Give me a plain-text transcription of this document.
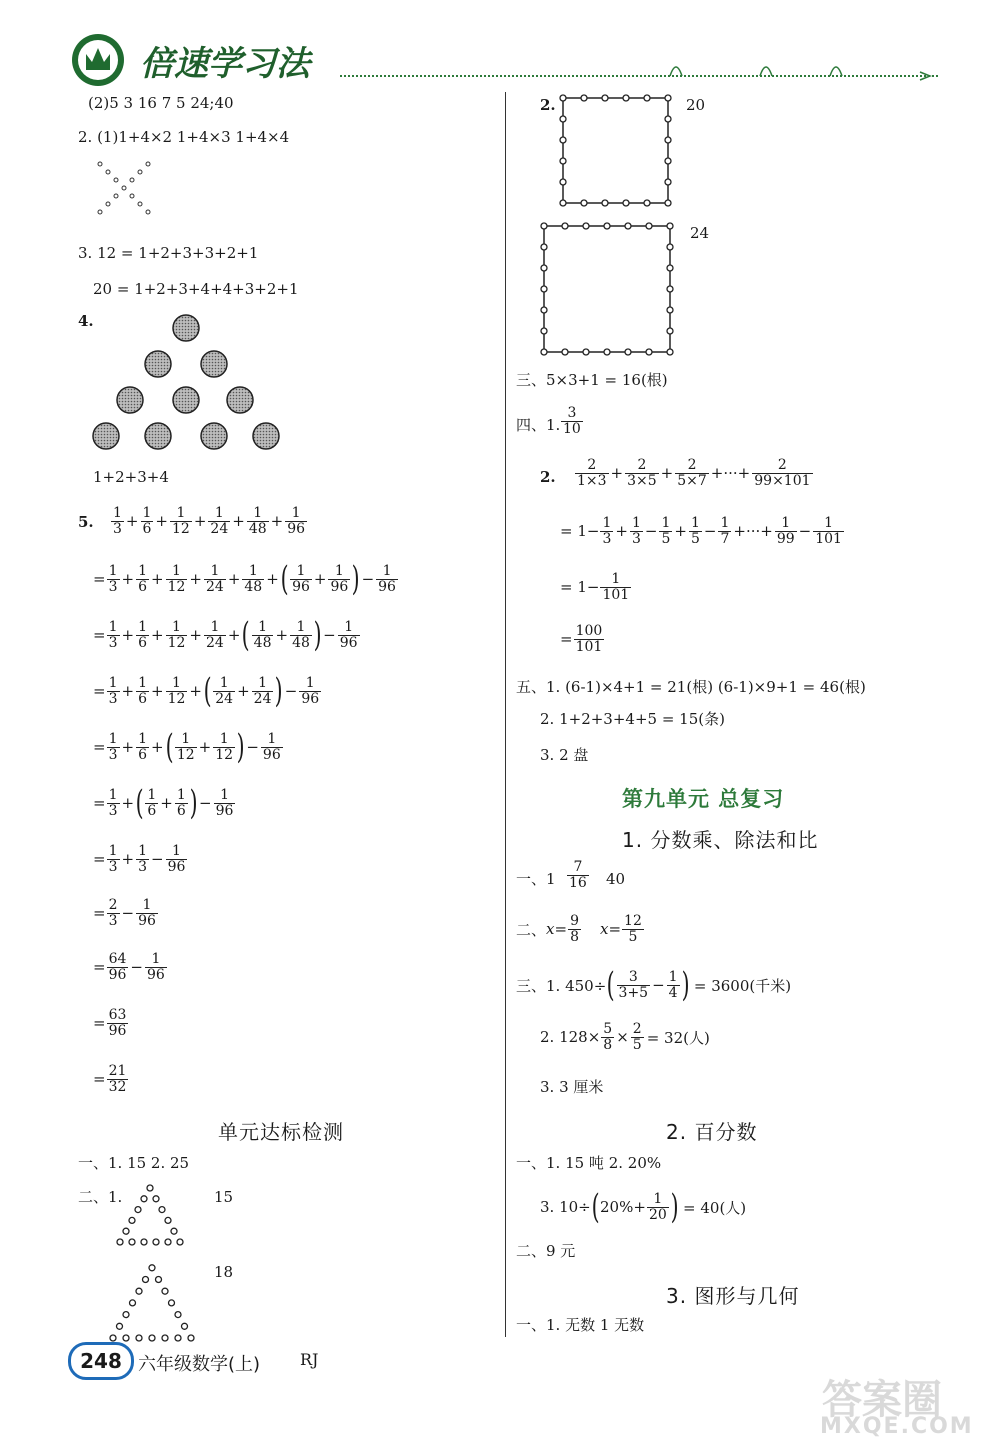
倍速学习法
(2)5 3 16 7 5 24;40
2. (1)1+4×2 1+4×3 1+4×4
3. 12 = 1+2+3+3+2+1
20 = 1+2+3+4+4+3+2+1
4.
1+2+3+4
5. $\frac{1}{3} + \frac{1}{6} + \frac{1}{12} + \frac{1}{24} + \frac{1}{48} + \frac{1}{96}$
= $\frac{1}{3} + \frac{1}{6} + \frac{1}{12} + \frac{1}{24} + \frac{1}{48}$ + ( $\frac{1}{96} + \frac{1}{96}$ ) − $\frac{1}{96}$
= $\frac{1}{3} + \frac{1}{6} + \frac{1}{12} + \frac{1}{24}$ + ( $\frac{1}{48} + \frac{1}{48}$ ) − $\frac{1}{96}$
= $\frac{1}{3} + \frac{1}{6} + \frac{1}{12}$ + ( $\frac{1}{24} + \frac{1}{24}$ ) − $\frac{1}{96}$
= $\frac{1}{3} + \frac{1}{6}$ + ( $\frac{1}{12} + \frac{1}{12}$ ) − $\frac{1}{96}$
= $\frac{1}{3}$ + ( $\frac{1}{6} + \frac{1}{6}$ ) − $\frac{1}{96}$
= $\frac{1}{3} + \frac{1}{3} - \frac{1}{96}$
= $\frac{2}{3} - \frac{1}{96}$
= $\frac{64}{96} - \frac{1}{96}$
= $\frac{63}{96}$
= $\frac{21}{32}$
单元达标检测
一、1. 15 2. 25
二、1.	15
18
2.	20
24
三、5×3+1 = 16(根)
四、1. $\frac{3}{10}$
2. $\frac{2}{1\times 3} + \frac{2}{3\times 5} + \frac{2}{5\times 7}$ +···+ $\frac{2}{99\times 101}$
= $1- \frac{1}{3} + \frac{1}{3} - \frac{1}{5} + \frac{1}{5} - \frac{1}{7}$ +···+ $\frac{1}{99} - \frac{1}{101}$
= $1- \frac{1}{101}$
= $\frac{100}{101}$
五、1. (6-1)×4+1 = 21(根) (6-1)×9+1 = 46(根)
2. 1+2+3+4+5 = 15(条)
3. 2 盘
第九单元 总复习
1. 分数乘、除法和比
一、$1 \frac{7}{16} 40$
二、 $x = \frac{9}{8}$ $x = \frac{12}{5}$
三、1. 450÷ ( $\frac{3}{3+5} - \frac{1}{4}$ ) = 3600(千米)
2. $128\times \frac{5}{8} \times \frac{2}{5} = 32$(人)
3. 3 厘米
2. 百分数
一、1. 15 吨 2. 20%
3. 10÷ ( $20\%+ \frac{1}{20}$ ) = 40(人)
二、9 元
3. 图形与几何
一、1. 无数 1 无数
248 六年级数学(上) RJ
答案圈
MXQE.COM
